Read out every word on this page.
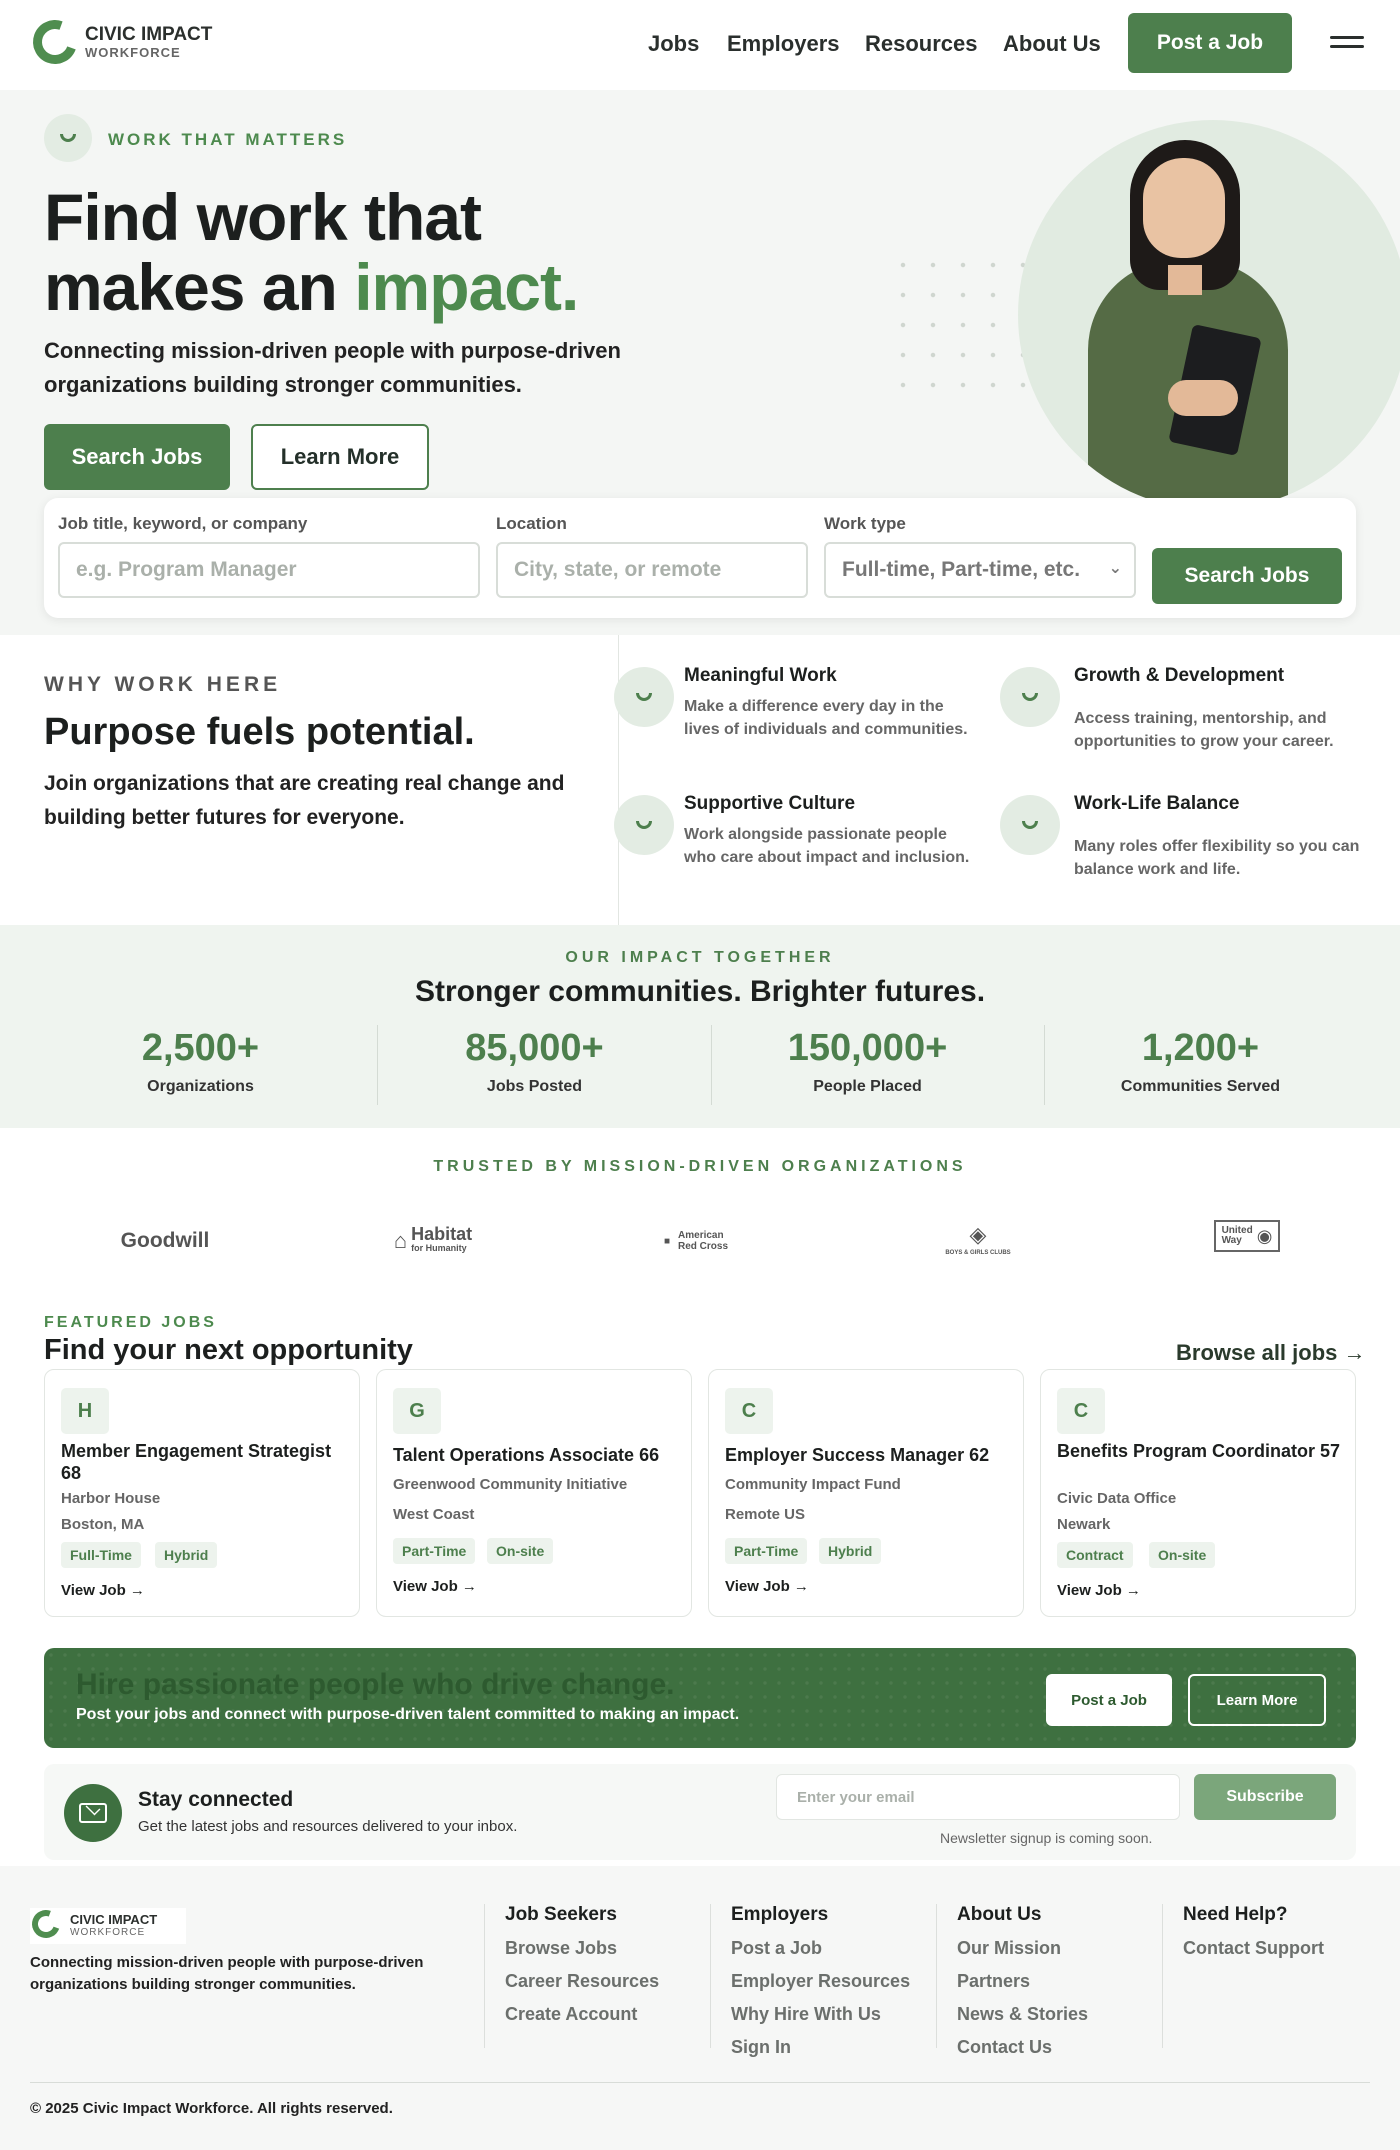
CIVIC IMPACT
WORKFORCE	Jobs Employers Resources About Us	Post a Job
WORK THAT MATTERS
Find work that
makes an impact.
Connecting mission-driven people with purpose-driven organizations building stronger communities.
Search Jobs	Learn More
Job title, keyword, or company
e.g. Program Manager
Location
City, state, or remote
Work type
Full-time, Part-time, etc. ⌄	Search Jobs
WHY WORK HERE
Purpose fuels potential.
Join organizations that are creating real change and building better futures for everyone.
Meaningful Work
Make a difference every day in the lives of individuals and communities.
Growth & Development
Access training, mentorship, and opportunities to grow your career.
Supportive Culture
Work alongside passionate people who care about impact and inclusion.
Work-Life Balance
Many roles offer flexibility so you can balance work and life.
OUR IMPACT TOGETHER
Stronger communities. Brighter futures.
2,500+
Organizations
85,000+
Jobs Posted
150,000+
People Placed
1,200+
Communities Served
TRUSTED BY MISSION-DRIVEN ORGANIZATIONS
Goodwill	⌂ Habitat
for Humanity
■ American
Red Cross	◈
BOYS & GIRLS CLUBS
United
Way ◉
FEATURED JOBS
Find your next opportunity	Browse all jobs →
H
Member Engagement Strategist 68
Harbor House
Boston, MA
Full-Time	Hybrid
View Job →
G
Talent Operations Associate 66
Greenwood Community Initiative
West Coast
Part-Time	On-site
View Job →
C
Employer Success Manager 62
Community Impact Fund
Remote US
Part-Time	Hybrid
View Job →
C
Benefits Program Coordinator 57
Civic Data Office
Newark
Contract	On-site
View Job →
Hire passionate people who drive change.
Post your jobs and connect with purpose-driven talent committed to making an impact.
Post a Job	Learn More
Stay connected
Get the latest jobs and resources delivered to your inbox.
Enter your email	Subscribe
Newsletter signup is coming soon.
CIVIC IMPACT
WORKFORCE
Connecting mission-driven people with purpose-driven organizations building stronger communities.
Job Seekers
Browse Jobs
Career Resources
Create Account
Employers
Post a Job
Employer Resources
Why Hire With Us
Sign In
About Us
Our Mission
Partners
News & Stories
Contact Us
Need Help?
Contact Support
© 2025 Civic Impact Workforce. All rights reserved.
